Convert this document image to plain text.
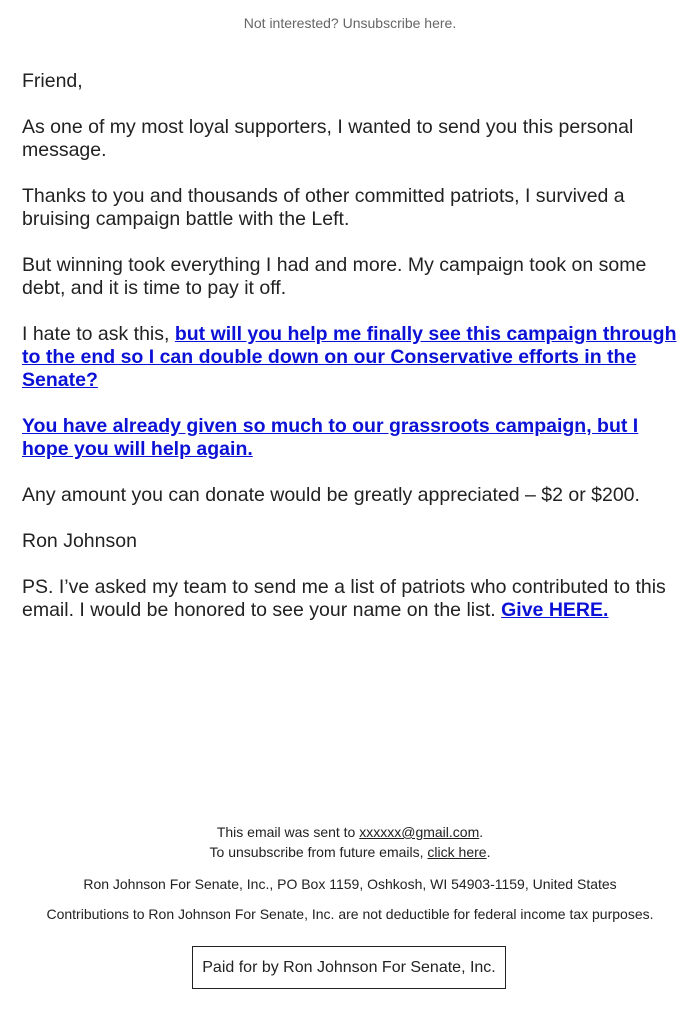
Not interested? Unsubscribe here.

Friend,

As one of my most loyal supporters, I wanted to send you this personal message.

Thanks to you and thousands of other committed patriots, I survived a bruising campaign battle with the Left.

But winning took everything I had and more. My campaign took on some debt, and it is time to pay it off.

I hate to ask this, but will you help me finally see this campaign through to the end so I can double down on our Conservative efforts in the Senate?

You have already given so much to our grassroots campaign, but I hope you will help again.

Any amount you can donate would be greatly appreciated – $2 or $200.

Ron Johnson

PS. I’ve asked my team to send me a list of patriots who contributed to this email. I would be honored to see your name on the list. Give HERE.

This email was sent to xxxxxx@gmail.com.
To unsubscribe from future emails, click here.
Ron Johnson For Senate, Inc., PO Box 1159, Oshkosh, WI 54903-1159, United States
Contributions to Ron Johnson For Senate, Inc. are not deductible for federal income tax purposes.
Paid for by Ron Johnson For Senate, Inc.
